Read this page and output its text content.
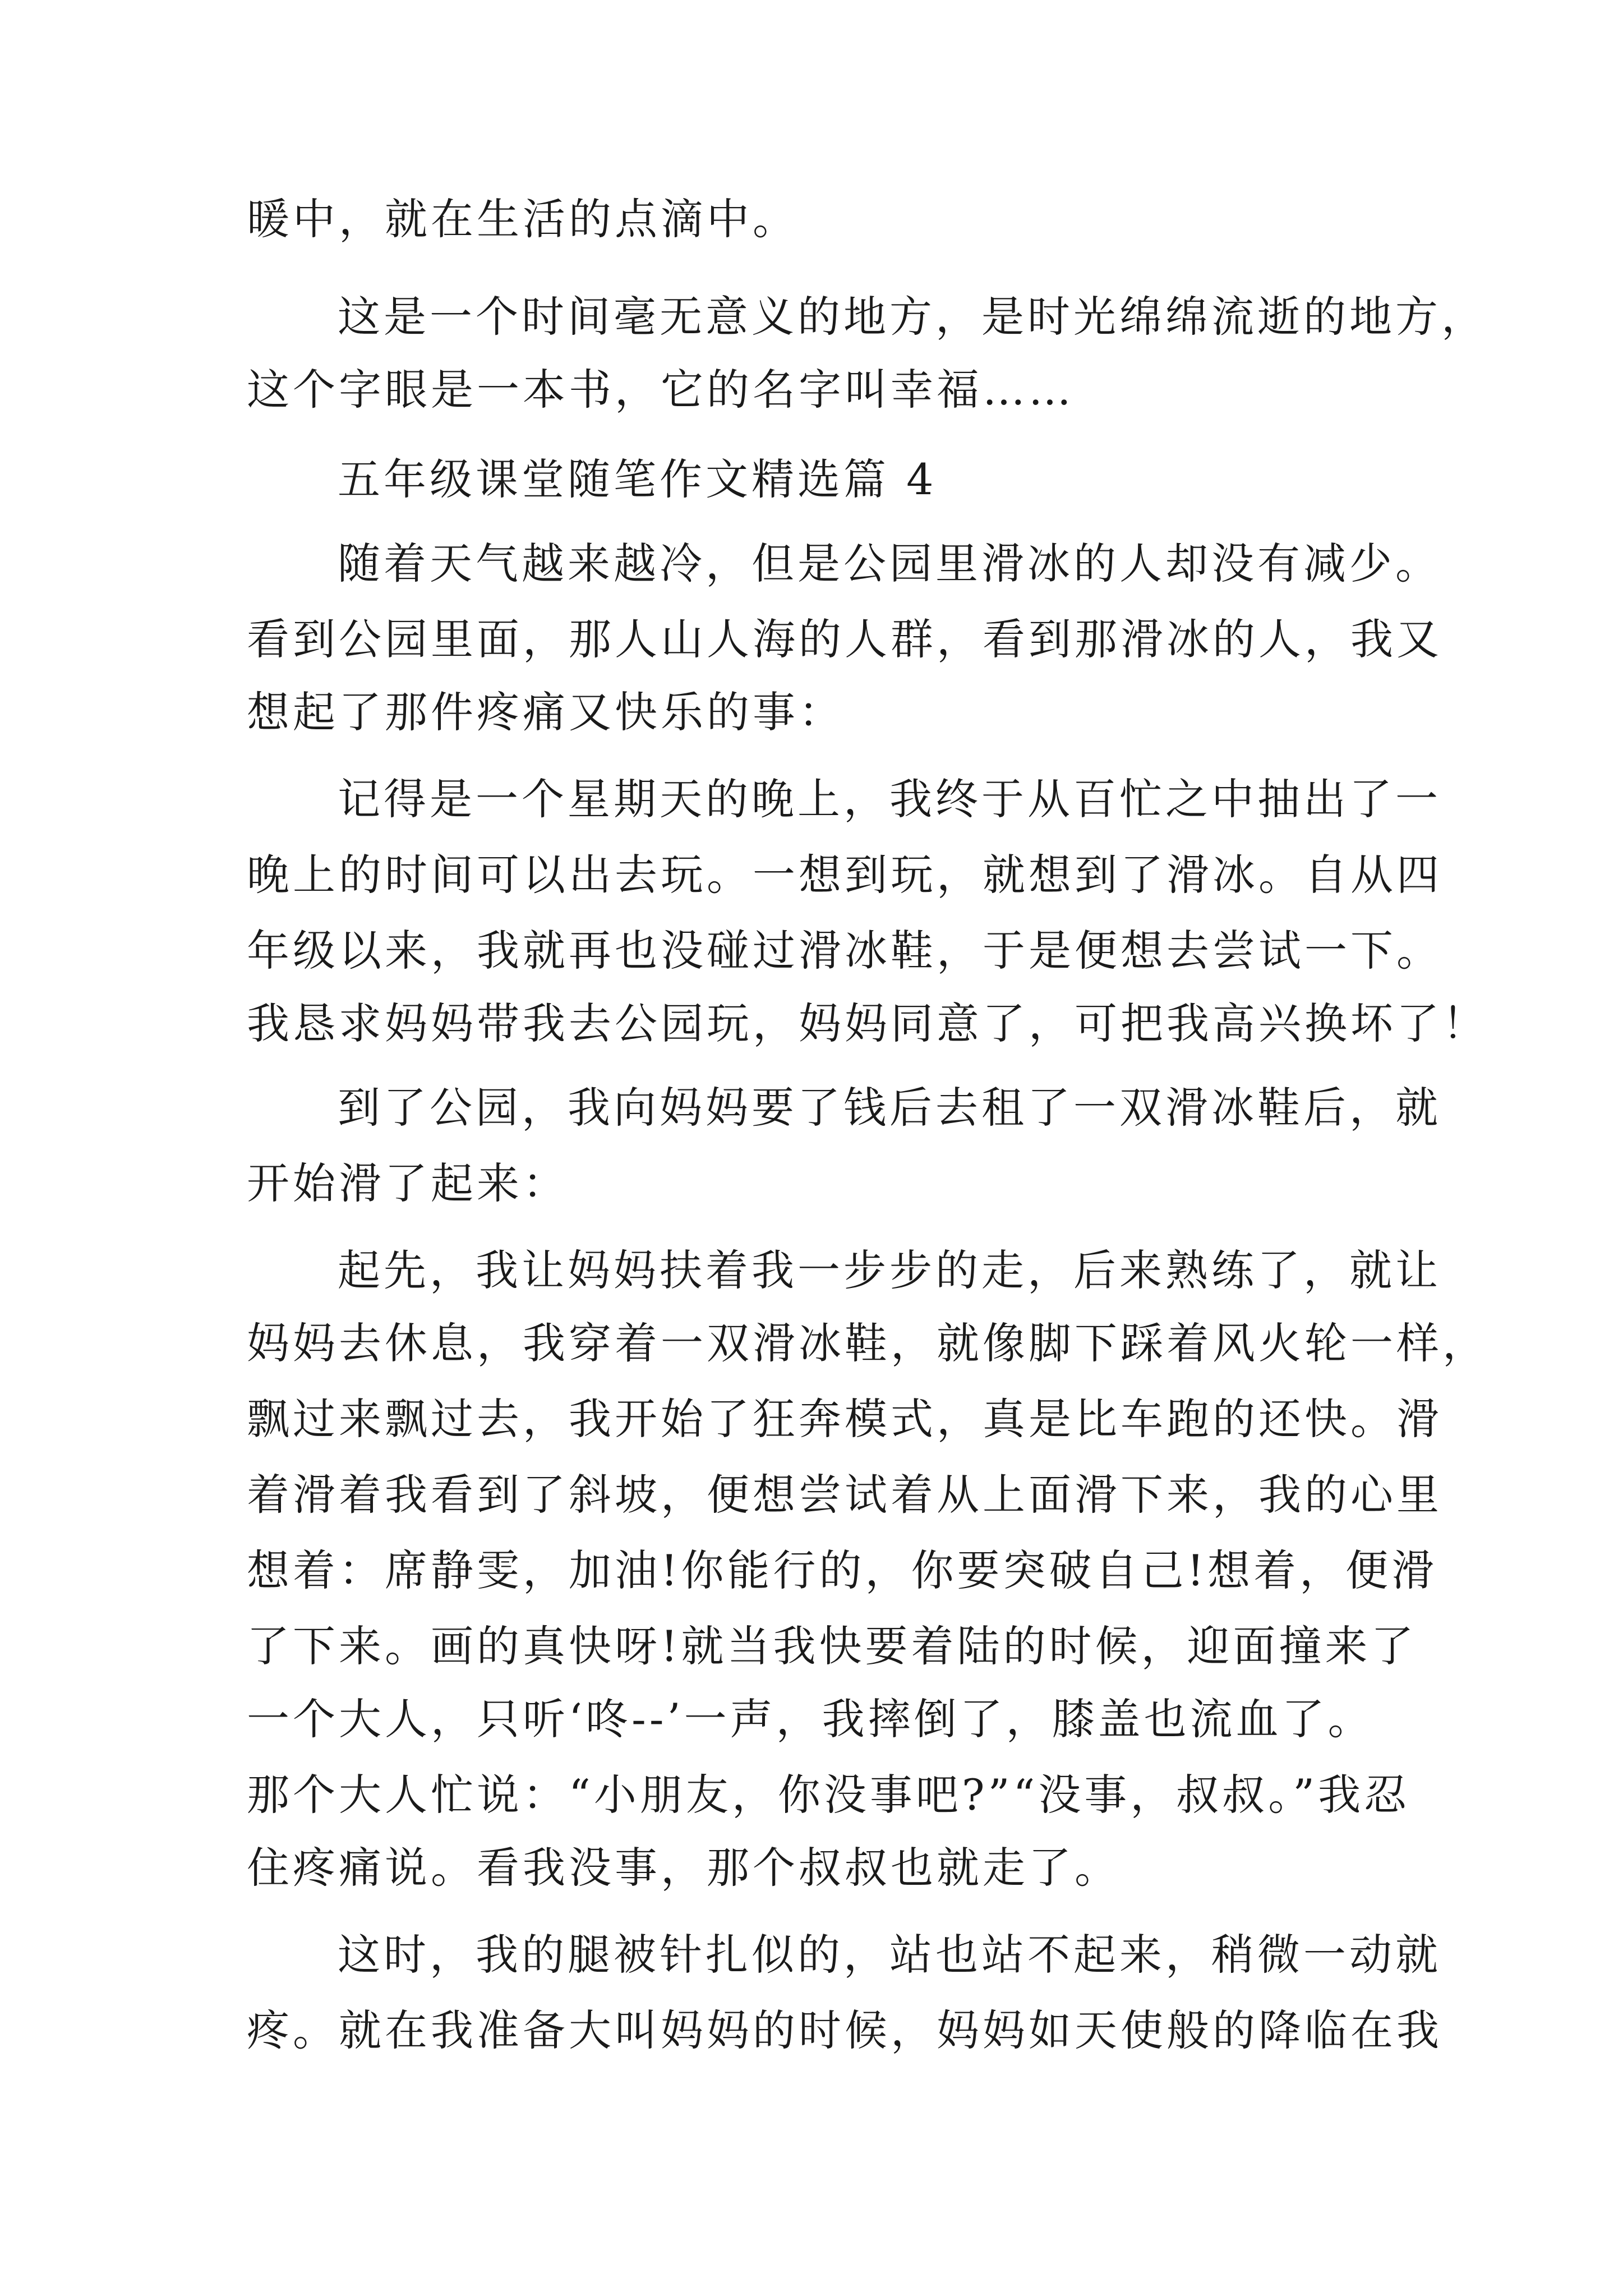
暖中，就在生活的点滴中。
这是一个时间毫无意义的地方，是时光绵绵流逝的地方，
这个字眼是一本书，它的名字叫幸福……
五年级课堂随笔作文精选篇 4
随着天气越来越冷，但是公园里滑冰的人却没有减少。
看到公园里面，那人山人海的人群，看到那滑冰的人，我又
想起了那件疼痛又快乐的事：
记得是一个星期天的晚上，我终于从百忙之中抽出了一
晚上的时间可以出去玩。一想到玩，就想到了滑冰。自从四
年级以来，我就再也没碰过滑冰鞋，于是便想去尝试一下。
我恳求妈妈带我去公园玩，妈妈同意了，可把我高兴换坏了！
到了公园，我向妈妈要了钱后去租了一双滑冰鞋后，就
开始滑了起来：
起先，我让妈妈扶着我一步步的走，后来熟练了，就让
妈妈去休息，我穿着一双滑冰鞋，就像脚下踩着风火轮一样，
飘过来飘过去，我开始了狂奔模式，真是比车跑的还快。滑
着滑着我看到了斜坡，便想尝试着从上面滑下来，我的心里
想着：席静雯，加油!你能行的，你要突破自己!想着，便滑
了下来。画的真快呀!就当我快要着陆的时候，迎面撞来了
一个大人，只听‘咚--’一声，我摔倒了，膝盖也流血了。
那个大人忙说：“小朋友，你没事吧?”“没事，叔叔。”我忍
住疼痛说。看我没事，那个叔叔也就走了。
这时，我的腿被针扎似的，站也站不起来，稍微一动就
疼。就在我准备大叫妈妈的时候，妈妈如天使般的降临在我
